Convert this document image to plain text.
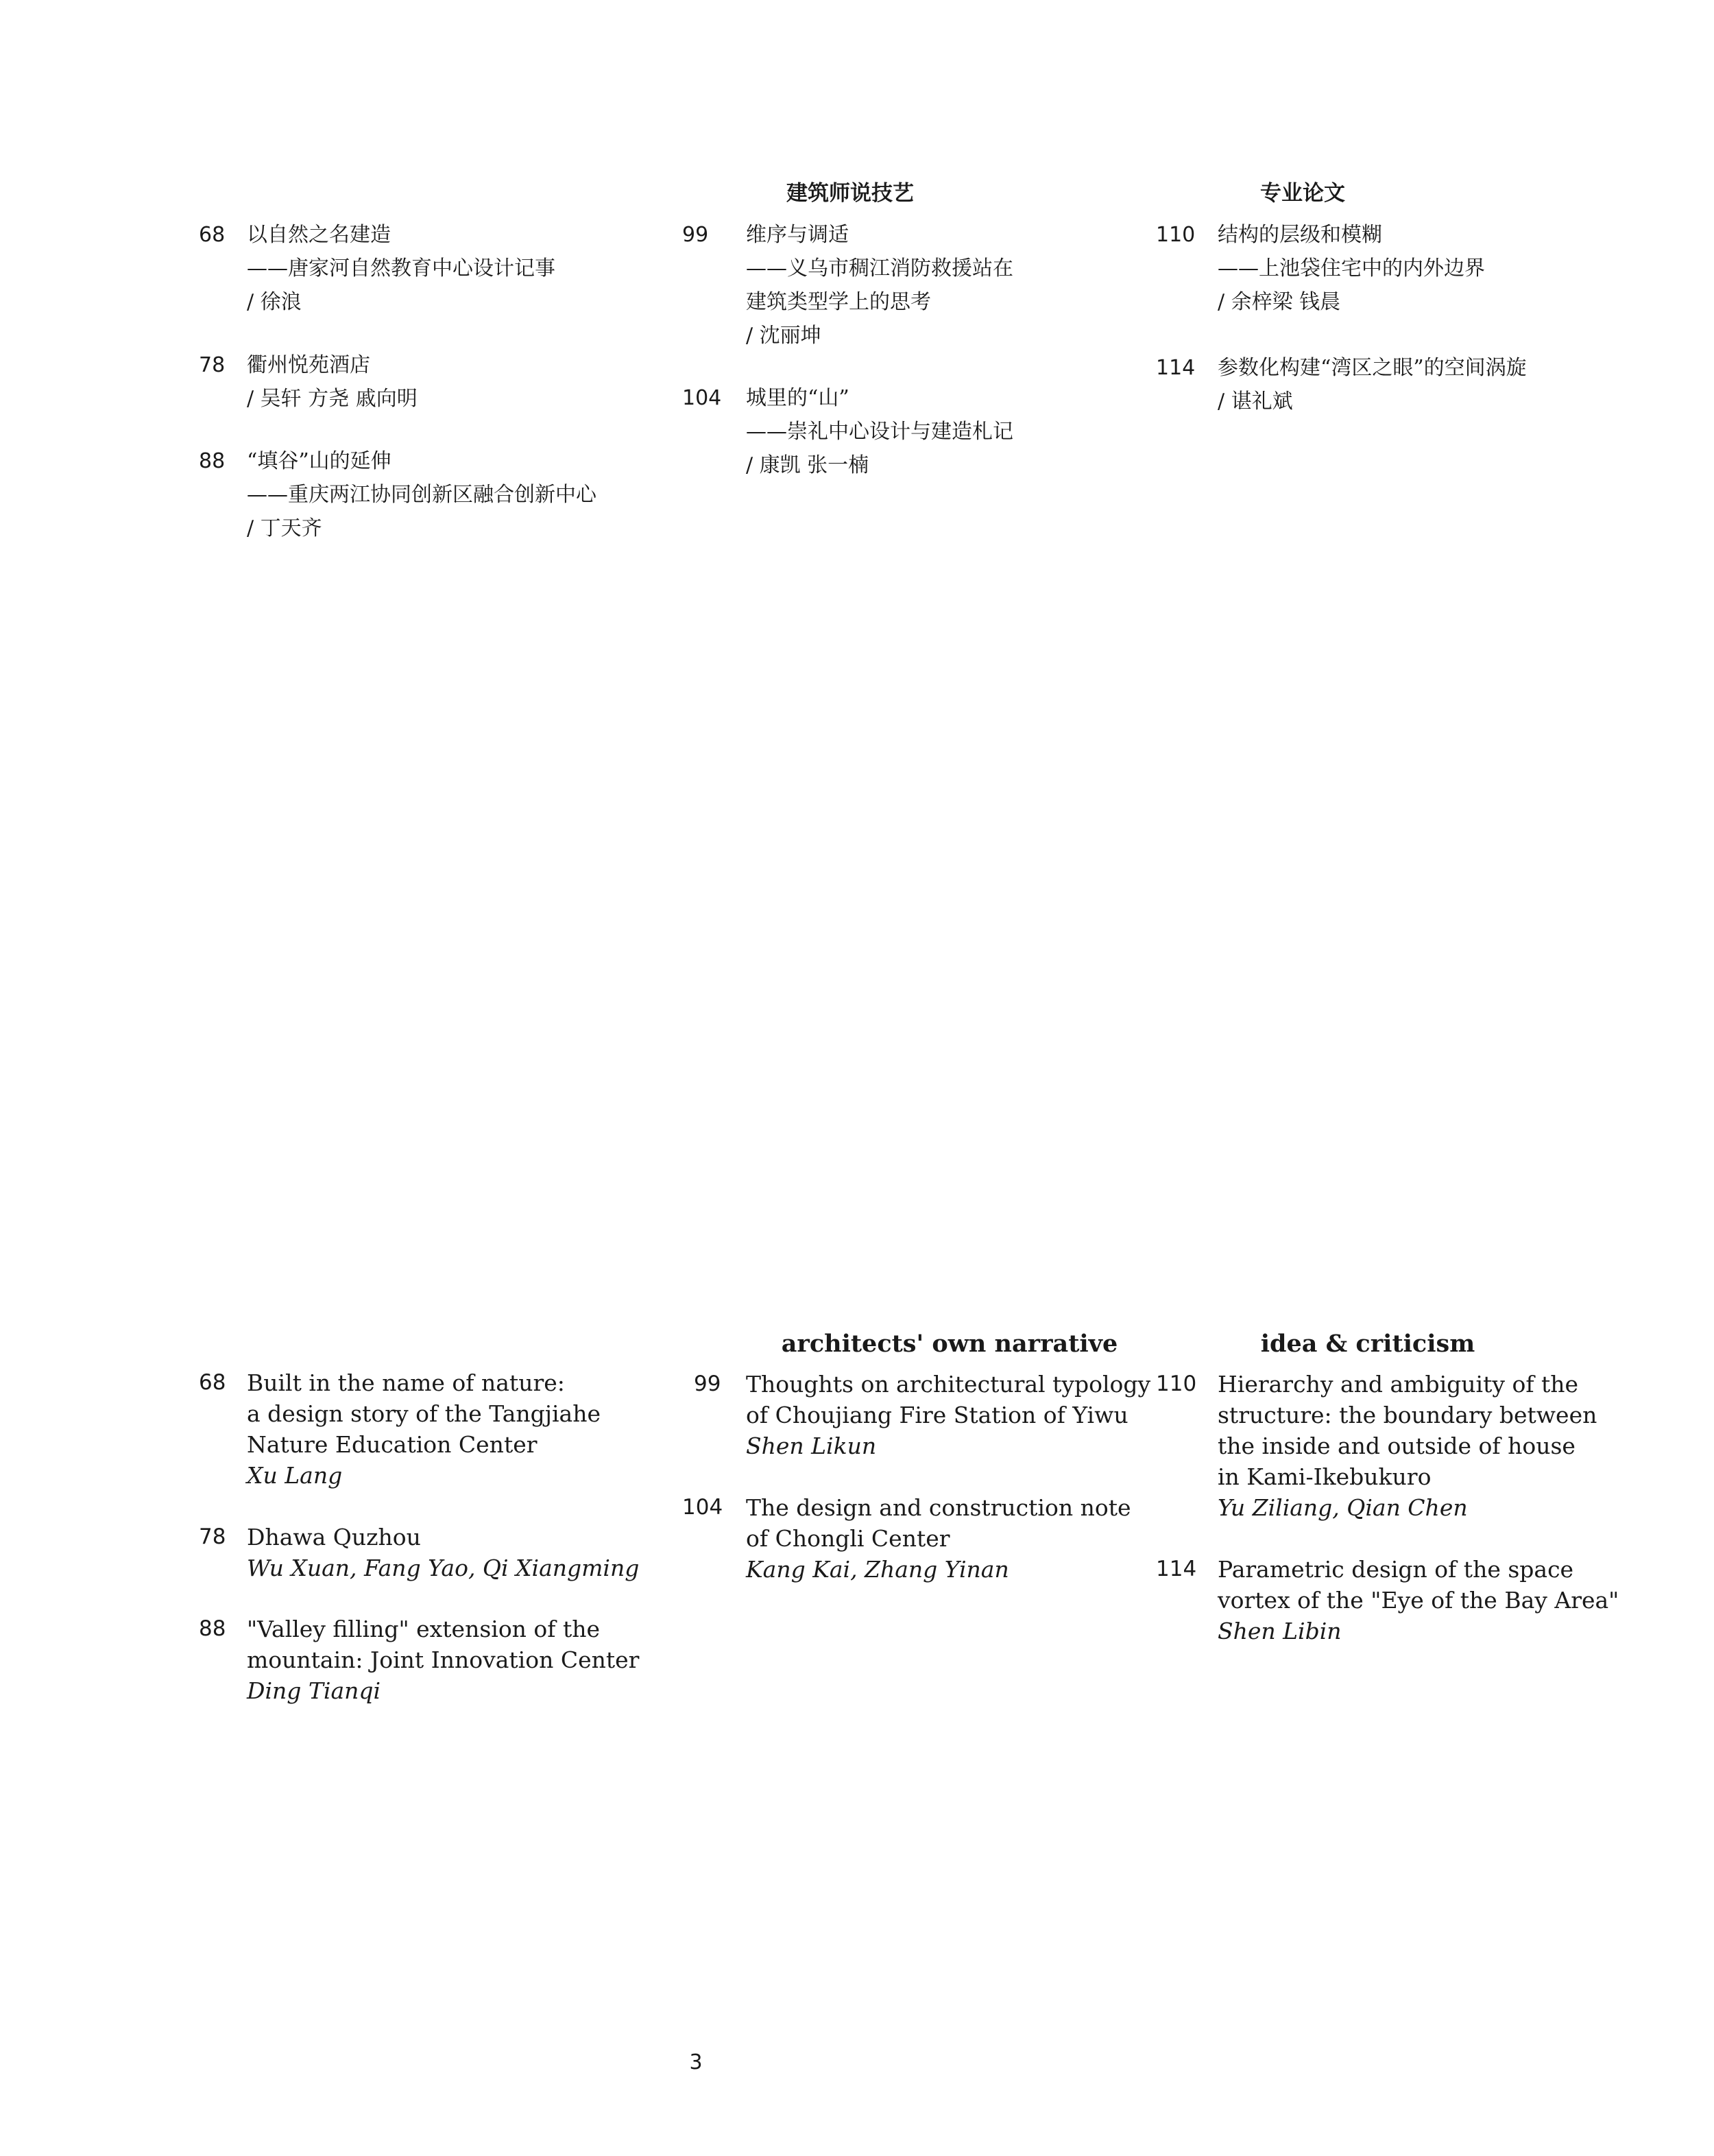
建筑师说技艺	专业论文
68 以自然之名建造
——唐家河自然教育中心设计记事
/ 徐浪
78 衢州悦苑酒店
/ 吴轩 方尧 戚向明
88 “填谷”山的延伸
——重庆两江协同创新区融合创新中心
/ 丁天齐
99 维序与调适
——义乌市稠江消防救援站在
建筑类型学上的思考
/ 沈丽坤
104 城里的“山”
——崇礼中心设计与建造札记
/ 康凯 张一楠
110 结构的层级和模糊
——上池袋住宅中的内外边界
/ 余梓梁 钱晨
114 参数化构建“湾区之眼”的空间涡旋
/ 谌礼斌
architects' own narrative	idea & criticism
68 Built in the name of nature:
a design story of the Tangjiahe
Nature Education Center
Xu Lang
78 Dhawa Quzhou
Wu Xuan, Fang Yao, Qi Xiangming
88 "Valley filling" extension of the
mountain: Joint Innovation Center
Ding Tianqi
99 Thoughts on architectural typology
of Choujiang Fire Station of Yiwu
Shen Likun
104 The design and construction note
of Chongli Center
Kang Kai, Zhang Yinan
110 Hierarchy and ambiguity of the
structure: the boundary between
the inside and outside of house
in Kami-Ikebukuro
Yu Ziliang, Qian Chen
114 Parametric design of the space
vortex of the "Eye of the Bay Area"
Shen Libin
3
